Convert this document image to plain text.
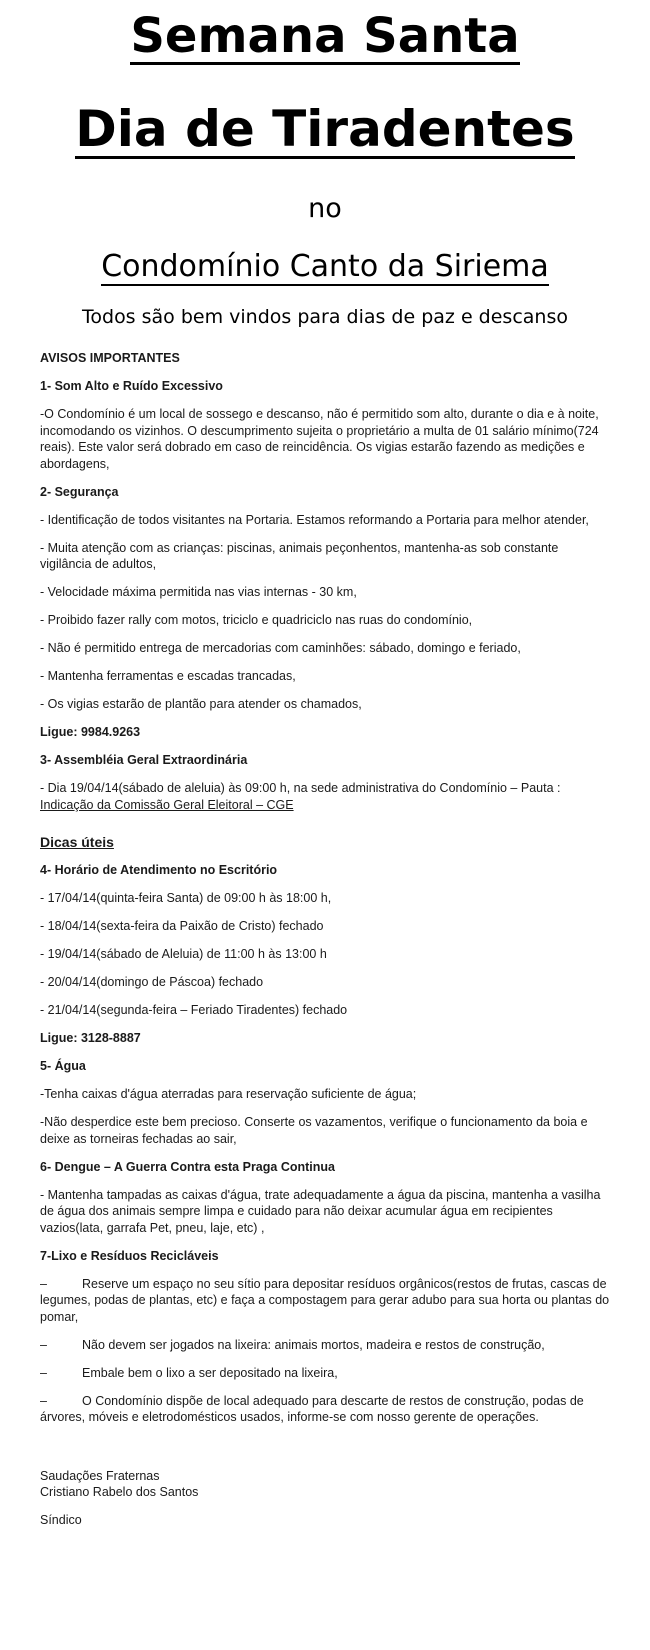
Semana Santa
Dia de Tiradentes
no
Condomínio Canto da Siriema
Todos são bem vindos para dias de paz e descanso

AVISOS IMPORTANTES

1- Som Alto e Ruído Excessivo

-O Condomínio é um local de sossego e descanso, não é permitido som alto, durante o dia e à noite, incomodando os vizinhos. O descumprimento sujeita o proprietário a multa de 01 salário mínimo(724 reais). Este valor será dobrado em caso de reincidência. Os vigias estarão fazendo as medições e abordagens,

2- Segurança

- Identificação de todos visitantes na Portaria. Estamos reformando a Portaria para melhor atender,

- Muita atenção com as crianças: piscinas, animais peçonhentos, mantenha-as sob constante vigilância de adultos,

- Velocidade máxima permitida nas vias internas - 30 km,

- Proibido fazer rally com motos, triciclo e quadriciclo nas ruas do condomínio,

- Não é permitido entrega de mercadorias com caminhões: sábado, domingo e feriado,

- Mantenha ferramentas e escadas trancadas,

- Os vigias estarão de plantão para atender os chamados,

Ligue: 9984.9263

3- Assembléia Geral Extraordinária

- Dia 19/04/14(sábado de aleluia) às 09:00 h, na sede administrativa do Condomínio – Pauta :

Indicação da Comissão Geral Eleitoral – CGE

Dicas úteis

4- Horário de Atendimento no Escritório

- 17/04/14(quinta-feira Santa) de 09:00 h às 18:00 h,

- 18/04/14(sexta-feira da Paixão de Cristo) fechado

- 19/04/14(sábado de Aleluia) de 11:00 h às 13:00 h

- 20/04/14(domingo de Páscoa) fechado

- 21/04/14(segunda-feira – Feriado Tiradentes) fechado

Ligue: 3128-8887

5- Água

-Tenha caixas d'água aterradas para reservação suficiente de água;

-Não desperdice este bem precioso. Conserte os vazamentos, verifique o funcionamento da boia e deixe as torneiras fechadas ao sair,

6- Dengue – A Guerra Contra esta Praga Continua

- Mantenha tampadas as caixas d'água, trate adequadamente a água da piscina, mantenha a vasilha de água dos animais sempre limpa e cuidado para não deixar acumular água em recipientes vazios(lata, garrafa Pet, pneu, laje, etc) ,

7-Lixo e Resíduos Recicláveis

–	Reserve um espaço no seu sítio para depositar resíduos orgânicos(restos de frutas, cascas de legumes, podas de plantas, etc) e faça a compostagem para gerar adubo para sua horta ou plantas do pomar,

–	Não devem ser jogados na lixeira: animais mortos, madeira e restos de construção,

–	Embale bem o lixo a ser depositado na lixeira,

–	O Condomínio dispõe de local adequado para descarte de restos de construção, podas de árvores, móveis e eletrodomésticos usados, informe-se com nosso gerente de operações.

Saudações Fraternas

Cristiano Rabelo dos Santos

Síndico
